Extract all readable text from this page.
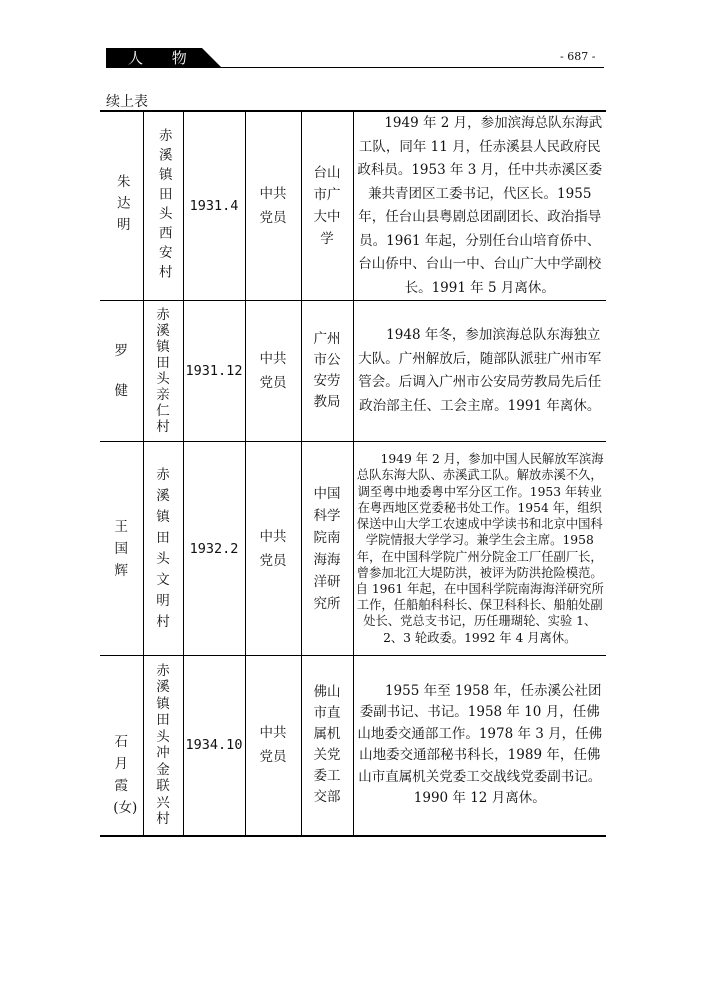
人 物	- 687 -
续上表
朱达明	赤溪镇田头西安村	1931.4	中共党员	台山市广大中学	1949 年 2 月，参加滨海总队东海武工队，同年 11 月，任赤溪县人民政府民政科员。1953 年 3 月，任中共赤溪区委兼共青团区工委书记，代区长。1955 年，任台山县粤剧总团副团长、政治指导员。1961 年起，分别任台山培育侨中、台山侨中、台山一中、台山广大中学副校长。1991 年 5 月离休。

罗健	赤溪镇田头亲仁村	1931.12	中共党员	广州市公安劳教局	1948 年冬，参加滨海总队东海独立大队。广州解放后，随部队派驻广州市军管会。后调入广州市公安局劳教局先后任政治部主任、工会主席。1991 年离休。

王国辉	赤溪镇田头文明村	1932.2	中共党员	中国科学院南海海洋研究所	1949 年 2 月，参加中国人民解放军滨海总队东海大队、赤溪武工队。解放赤溪不久，调至粤中地委粤中军分区工作。1953 年转业在粤西地区党委秘书处工作。1954 年，组织保送中山大学工农速成中学读书和北京中国科学院情报大学学习。兼学生会主席。1958 年，在中国科学院广州分院金工厂任副厂长，曾参加北江大堤防洪，被评为防洪抢险模范。自 1961 年起，在中国科学院南海海洋研究所工作，任船舶科科长、保卫科科长、船舶处副处长、党总支书记，历任珊瑚轮、实验 1、2、3 轮政委。1992 年 4 月离休。

石月霞(女)	赤溪镇田头冲金联兴村	1934.10	中共党员	佛山市直属机关党委工交部	1955 年至 1958 年，任赤溪公社团委副书记、书记。1958 年 10 月，任佛山地委交通部工作。1978 年 3 月，任佛山地委交通部秘书科长，1989 年，任佛山市直属机关党委工交战线党委副书记。1990 年 12 月离休。
